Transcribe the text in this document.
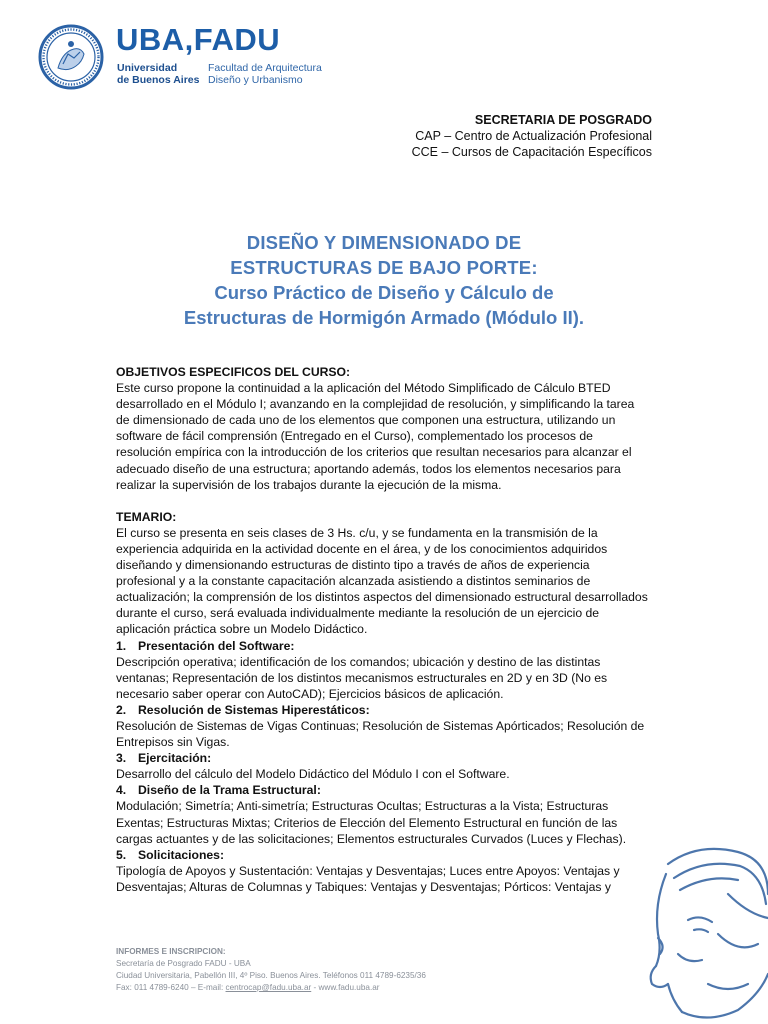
UBA,FADU
Universidad
de Buenos Aires
Facultad de Arquitectura
Diseño y Urbanismo
SECRETARIA DE POSGRADO
CAP – Centro de Actualización Profesional
CCE – Cursos de Capacitación Específicos
DISEÑO Y DIMENSIONADO DE
ESTRUCTURAS DE BAJO PORTE:
Curso Práctico de Diseño y Cálculo de
Estructuras de Hormigón Armado (Módulo II).

OBJETIVOS ESPECIFICOS DEL CURSO:

Este curso propone la continuidad a la aplicación del Método Simplificado de Cálculo BTED desarrollado en el Módulo I; avanzando en la complejidad de resolución, y simplificando la tarea de dimensionado de cada uno de los elementos que componen una estructura, utilizando un software de fácil comprensión (Entregado en el Curso), complementado los procesos de resolución empírica con la introducción de los criterios que resultan necesarios para alcanzar el adecuado diseño de una estructura; aportando además, todos los elementos necesarios para realizar la supervisión de los trabajos durante la ejecución de la misma.

TEMARIO:

El curso se presenta en seis clases de 3 Hs. c/u, y se fundamenta en la transmisión de la experiencia adquirida en la actividad docente en el área, y de los conocimientos adquiridos diseñando y dimensionando estructuras de distinto tipo a través de años de experiencia profesional y a la constante capacitación alcanzada asistiendo a distintos seminarios de actualización; la comprensión de los distintos aspectos del dimensionado estructural desarrollados durante el curso, será evaluada individualmente mediante la resolución de un ejercicio de aplicación práctica sobre un Modelo Didáctico.

1. Presentación del Software:

Descripción operativa; identificación de los comandos; ubicación y destino de las distintas ventanas; Representación de los distintos mecanismos estructurales en 2D y en 3D (No es necesario saber operar con AutoCAD); Ejercicios básicos de aplicación.

2. Resolución de Sistemas Hiperestáticos:

Resolución de Sistemas de Vigas Continuas; Resolución de Sistemas Apórticados; Resolución de Entrepisos sin Vigas.

3. Ejercitación:

Desarrollo del cálculo del Modelo Didáctico del Módulo I con el Software.

4. Diseño de la Trama Estructural:

Modulación; Simetría; Anti-simetría; Estructuras Ocultas; Estructuras a la Vista; Estructuras Exentas; Estructuras Mixtas; Criterios de Elección del Elemento Estructural en función de las cargas actuantes y de las solicitaciones; Elementos estructurales Curvados (Luces y Flechas).

5. Solicitaciones:

Tipología de Apoyos y Sustentación: Ventajas y Desventajas; Luces entre Apoyos: Ventajas y Desventajas; Alturas de Columnas y Tabiques: Ventajas y Desventajas; Pórticos: Ventajas y

INFORMES E INSCRIPCION:
Secretaría de Posgrado FADU - UBA
Ciudad Universitaria, Pabellón III, 4º Piso. Buenos Aires. Teléfonos 011 4789-6235/36
Fax: 011 4789-6240 – E-mail: centrocap@fadu.uba.ar - www.fadu.uba.ar
